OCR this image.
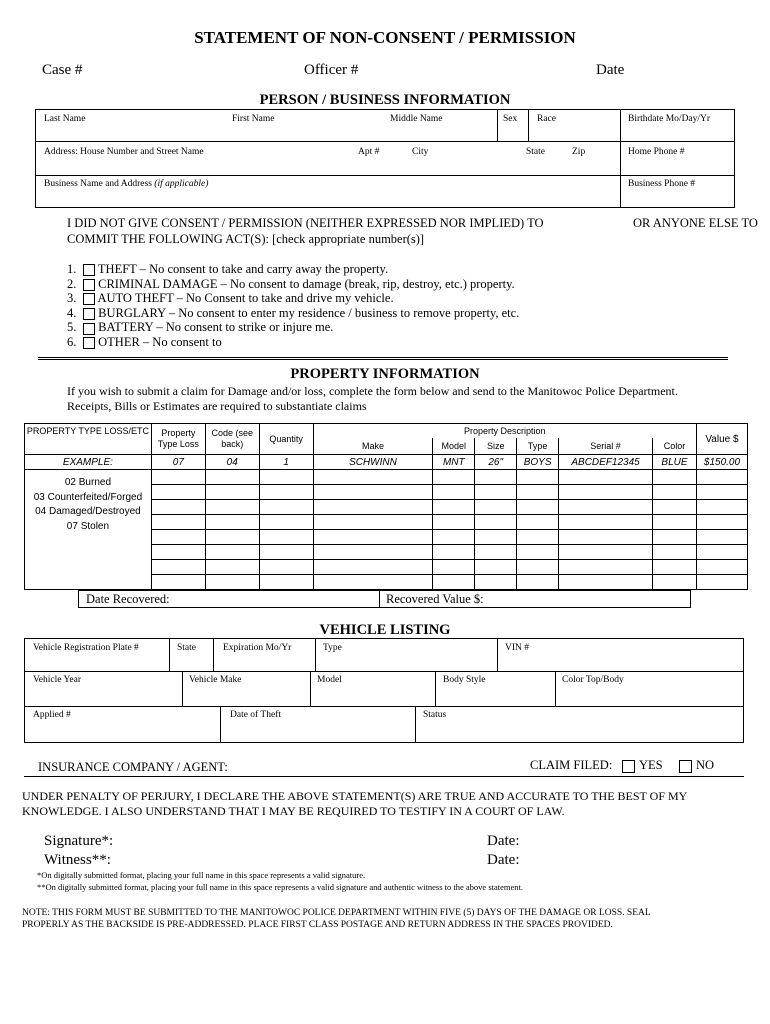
STATEMENT OF NON-CONSENT / PERMISSION
Case #	Officer #	Date
PERSON / BUSINESS INFORMATION
Last Name	First Name	Middle Name	Sex Race	Birthdate Mo/Day/Yr
Address: House Number and Street Name	Apt #	City	State	Zip	Home Phone #
Business Name and Address (if applicable)	Business Phone #
I DID NOT GIVE CONSENT / PERMISSION (NEITHER EXPRESSED NOR IMPLIED) TO	OR ANYONE ELSE TO
COMMIT THE FOLLOWING ACT(S): [check appropriate number(s)]
1. THEFT – No consent to take and carry away the property.
2. CRIMINAL DAMAGE – No consent to damage (break, rip, destroy, etc.) property.
3. AUTO THEFT – No Consent to take and drive my vehicle.
4. BURGLARY – No consent to enter my residence / business to remove property, etc.
5. BATTERY – No consent to strike or injure me.
6. OTHER – No consent to
PROPERTY INFORMATION
If you wish to submit a claim for Damage and/or loss, complete the form below and send to the Manitowoc Police Department.
Receipts, Bills or Estimates are required to substantiate claims
PROPERTY TYPE LOSS/ETC	Property Type Loss	Code (see back)	Quantity	Property Description						Value $
				Make	Model	Size	Type	Serial #	Color	
EXAMPLE:	07	04	1	SCHWINN	MNT	26"	BOYS	ABCDEF12345	BLUE	$150.00

02 Burned
03 Counterfeited/Forged
04 Damaged/Destroyed
07 Stolen										

Date Recovered:	Recovered Value $:
VEHICLE LISTING
Vehicle Registration Plate #	State	Expiration Mo/Yr	Type	VIN #
Vehicle Year	Vehicle Make	Model	Body Style	Color Top/Body
Applied #	Date of Theft	Status
INSURANCE COMPANY / AGENT:	CLAIM FILED: YES	NO
UNDER PENALTY OF PERJURY, I DECLARE THE ABOVE STATEMENT(S) ARE TRUE AND ACCURATE TO THE BEST OF MY
KNOWLEDGE. I ALSO UNDERSTAND THAT I MAY BE REQUIRED TO TESTIFY IN A COURT OF LAW.
Signature*:
Witness**:
Date:
Date:
*On digitally submitted format, placing your full name in this space represents a valid signature.
**On digitally submitted format, placing your full name in this space represents a valid signature and authentic witness to the above statement.
NOTE: THIS FORM MUST BE SUBMITTED TO THE MANITOWOC POLICE DEPARTMENT WITHIN FIVE (5) DAYS OF THE DAMAGE OR LOSS. SEAL
PROPERLY AS THE BACKSIDE IS PRE-ADDRESSED. PLACE FIRST CLASS POSTAGE AND RETURN ADDRESS IN THE SPACES PROVIDED.
